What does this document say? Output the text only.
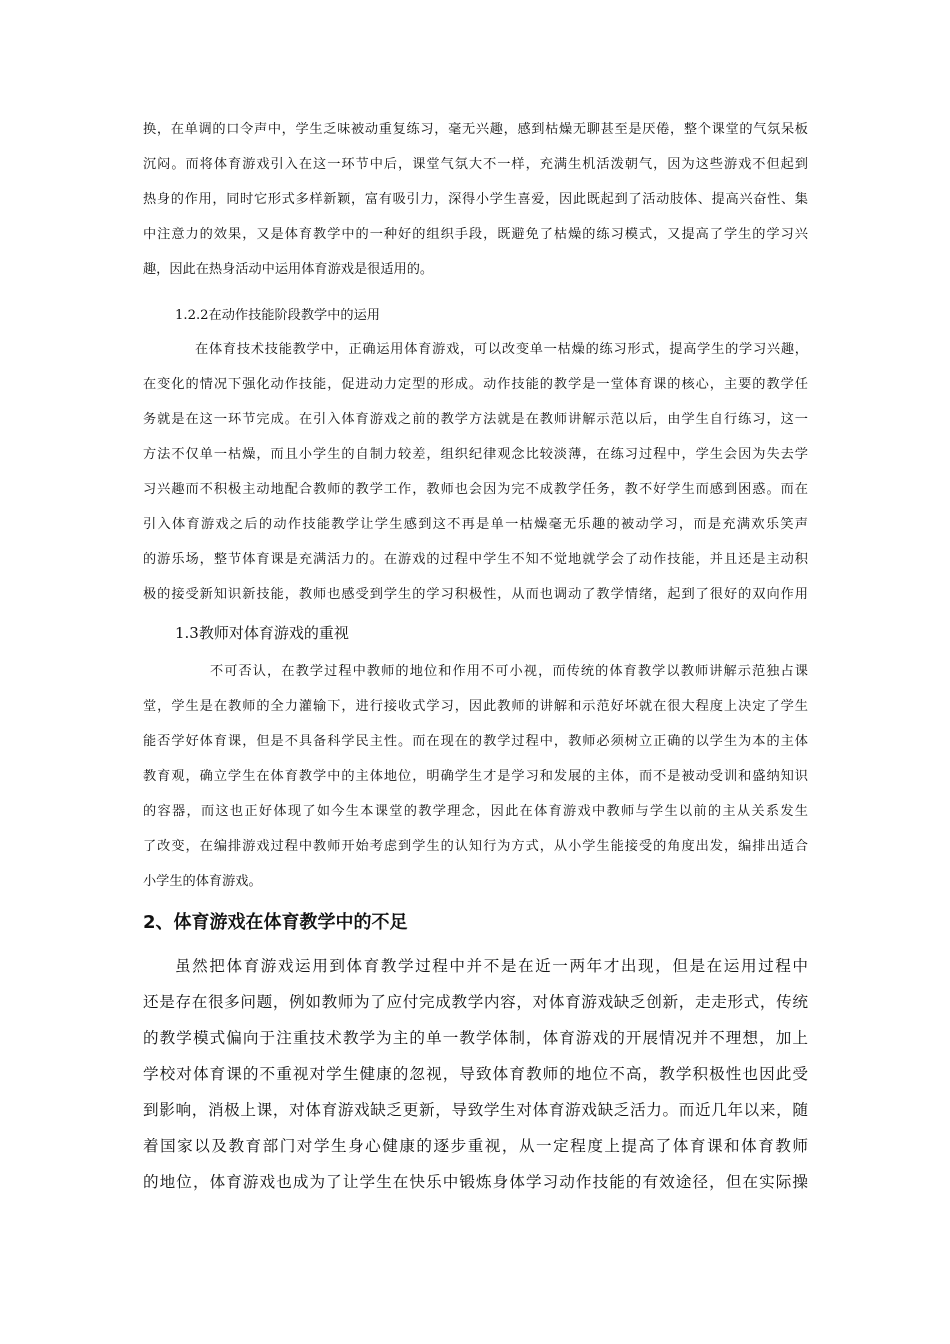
换，在单调的口令声中，学生乏味被动重复练习，毫无兴趣，感到枯燥无聊甚至是厌倦，整个课堂的气氛呆板
沉闷。而将体育游戏引入在这一环节中后，课堂气氛大不一样，充满生机活泼朝气，因为这些游戏不但起到
热身的作用，同时它形式多样新颖，富有吸引力，深得小学生喜爱，因此既起到了活动肢体、提高兴奋性、集
中注意力的效果，又是体育教学中的一种好的组织手段，既避免了枯燥的练习模式，又提高了学生的学习兴
趣，因此在热身活动中运用体育游戏是很适用的。
1.2.2在动作技能阶段教学中的运用
在体育技术技能教学中，正确运用体育游戏，可以改变单一枯燥的练习形式，提高学生的学习兴趣，
在变化的情况下强化动作技能，促进动力定型的形成。动作技能的教学是一堂体育课的核心，主要的教学任
务就是在这一环节完成。在引入体育游戏之前的教学方法就是在教师讲解示范以后，由学生自行练习，这一
方法不仅单一枯燥，而且小学生的自制力较差，组织纪律观念比较淡薄，在练习过程中，学生会因为失去学
习兴趣而不积极主动地配合教师的教学工作，教师也会因为完不成教学任务，教不好学生而感到困惑。而在
引入体育游戏之后的动作技能教学让学生感到这不再是单一枯燥毫无乐趣的被动学习，而是充满欢乐笑声
的游乐场，整节体育课是充满活力的。在游戏的过程中学生不知不觉地就学会了动作技能，并且还是主动积
极的接受新知识新技能，教师也感受到学生的学习积极性，从而也调动了教学情绪，起到了很好的双向作用
1.3教师对体育游戏的重视
不可否认，在教学过程中教师的地位和作用不可小视，而传统的体育教学以教师讲解示范独占课
堂，学生是在教师的全力灌输下，进行接收式学习，因此教师的讲解和示范好坏就在很大程度上决定了学生
能否学好体育课，但是不具备科学民主性。而在现在的教学过程中，教师必须树立正确的以学生为本的主体
教育观，确立学生在体育教学中的主体地位，明确学生才是学习和发展的主体，而不是被动受训和盛纳知识
的容器，而这也正好体现了如今生本课堂的教学理念，因此在体育游戏中教师与学生以前的主从关系发生
了改变，在编排游戏过程中教师开始考虑到学生的认知行为方式，从小学生能接受的角度出发，编排出适合
小学生的体育游戏。
2、体育游戏在体育教学中的不足
虽然把体育游戏运用到体育教学过程中并不是在近一两年才出现，但是在运用过程中
还是存在很多问题，例如教师为了应付完成教学内容，对体育游戏缺乏创新，走走形式，传统
的教学模式偏向于注重技术教学为主的单一教学体制，体育游戏的开展情况并不理想，加上
学校对体育课的不重视对学生健康的忽视，导致体育教师的地位不高，教学积极性也因此受
到影响，消极上课，对体育游戏缺乏更新，导致学生对体育游戏缺乏活力。而近几年以来，随
着国家以及教育部门对学生身心健康的逐步重视，从一定程度上提高了体育课和体育教师
的地位，体育游戏也成为了让学生在快乐中锻炼身体学习动作技能的有效途径，但在实际操
